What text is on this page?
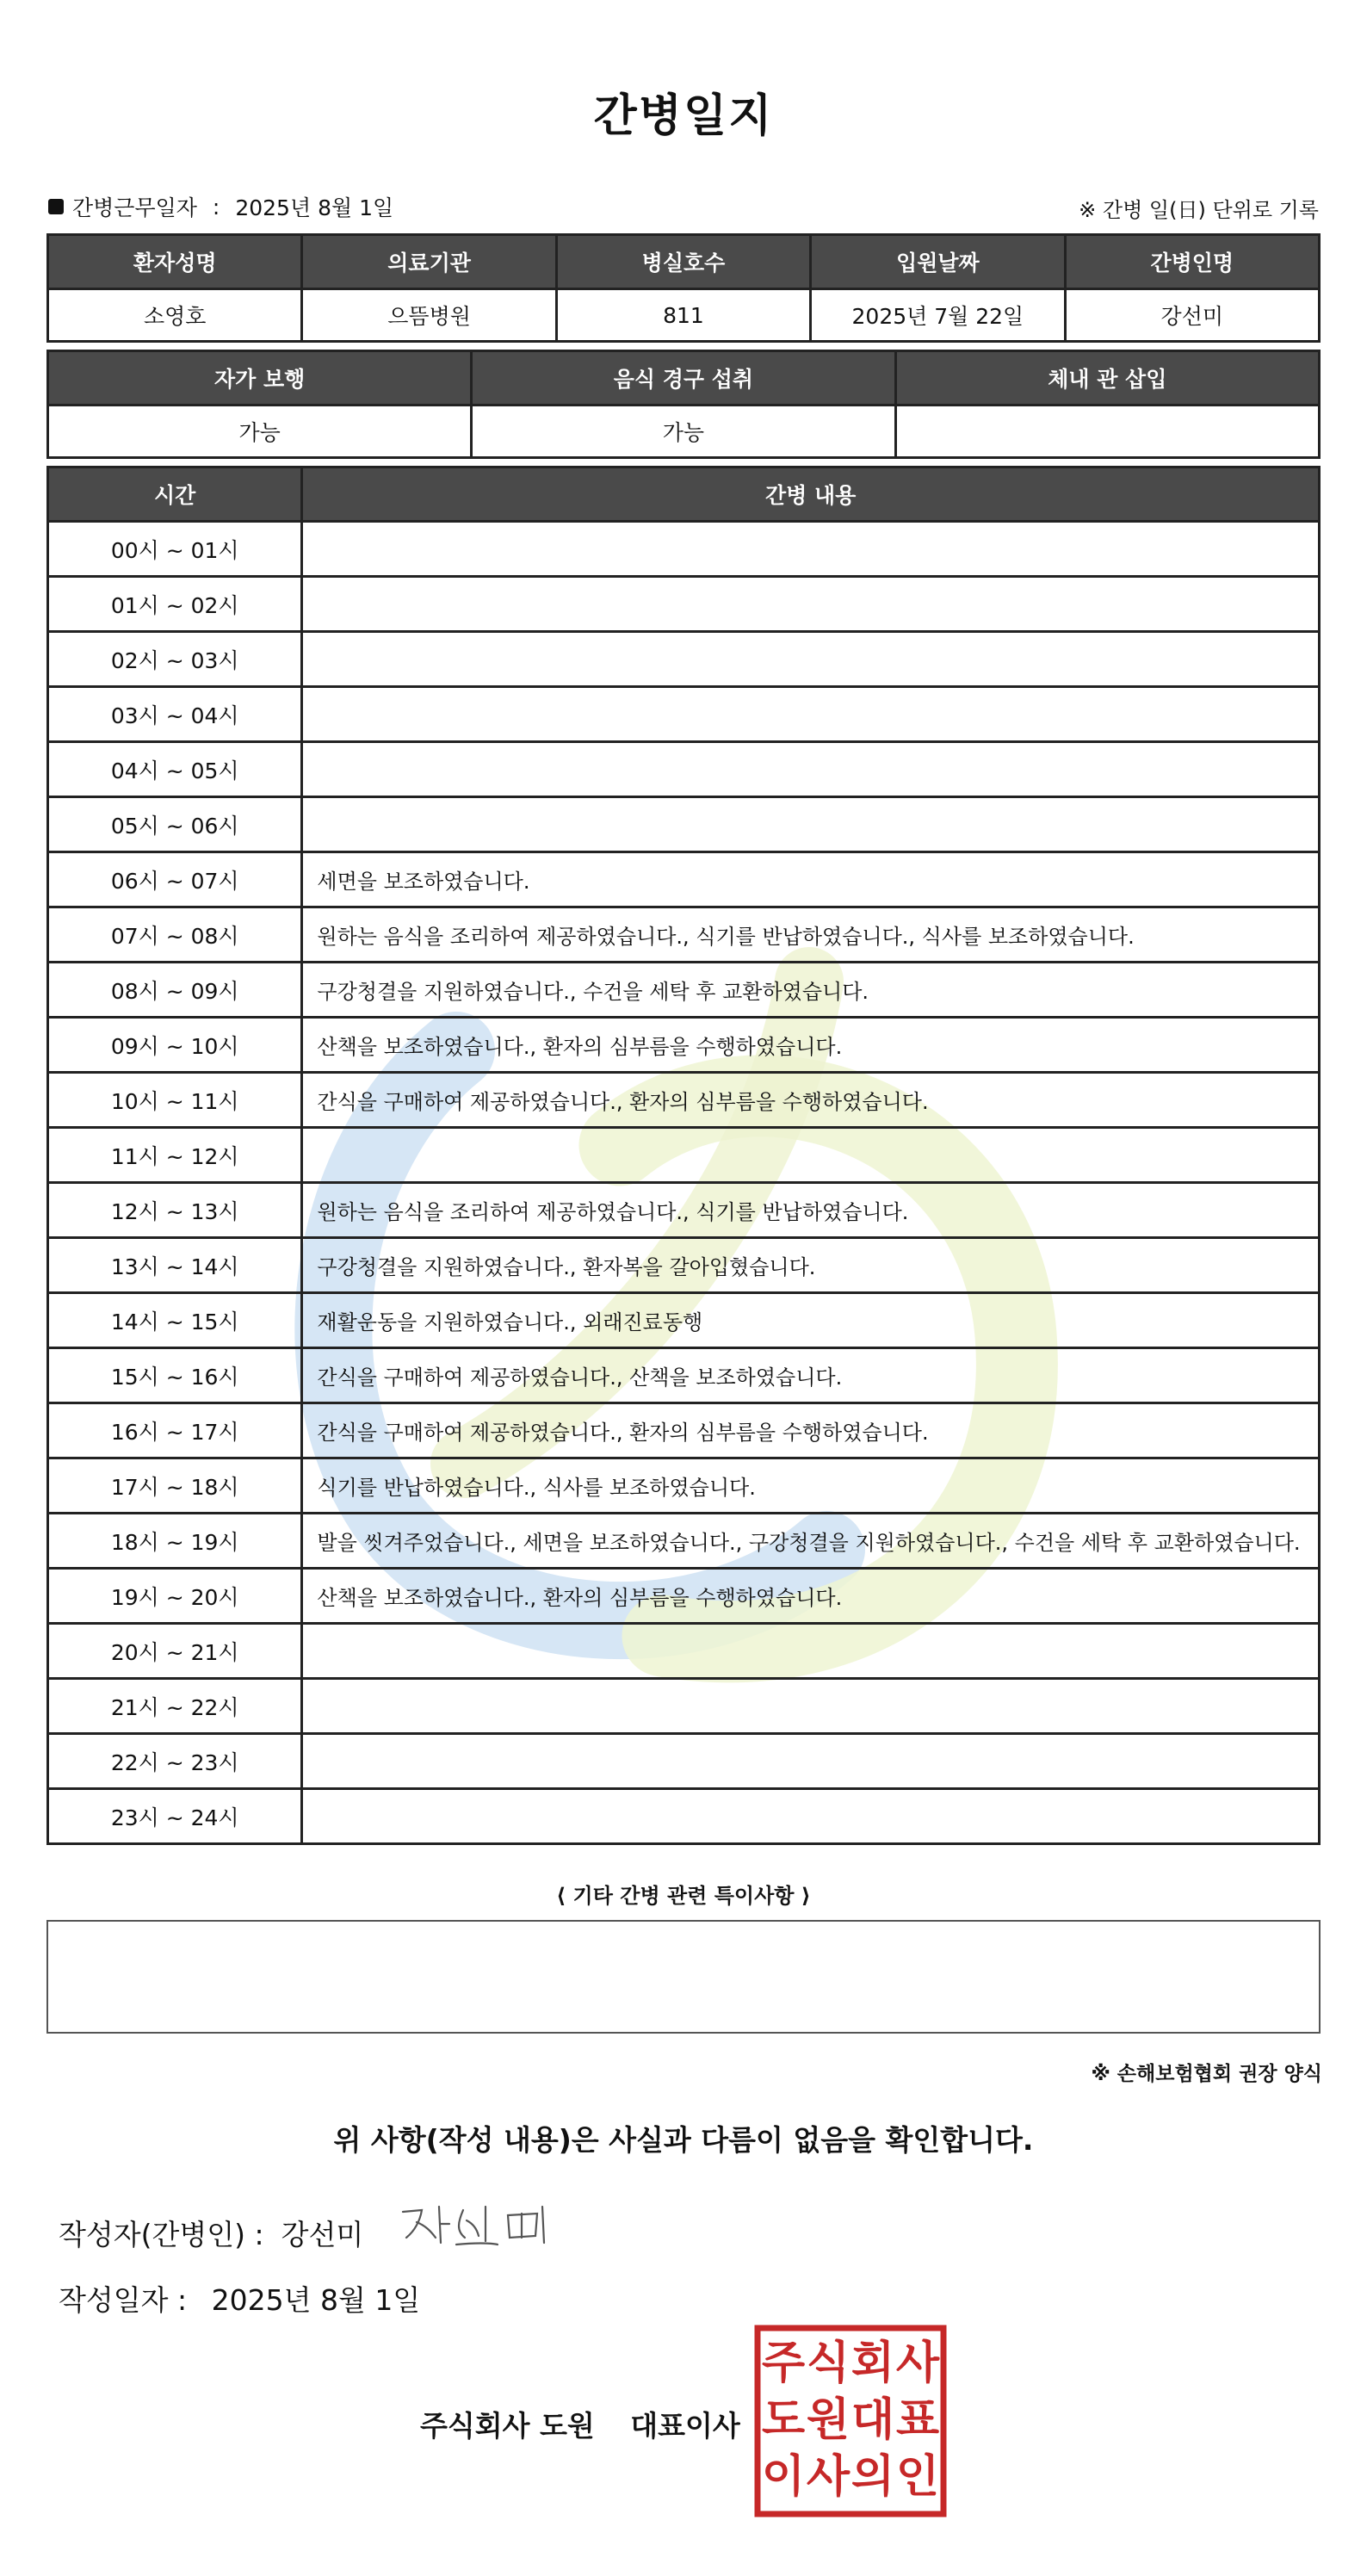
간병일지
간병근무일자 : 2025년 8월 1일	※ 간병 일(日) 단위로 기록
환자성명	의료기관	병실호수	입원날짜	간병인명
소영호	으뜸병원	811	2025년 7월 22일	강선미
자가 보행	음식 경구 섭취	체내 관 삽입
가능	가능	
시간	간병 내용
00시 ~ 01시	
01시 ~ 02시	
02시 ~ 03시	
03시 ~ 04시	
04시 ~ 05시	
05시 ~ 06시	
06시 ~ 07시	세면을 보조하였습니다.
07시 ~ 08시	원하는 음식을 조리하여 제공하였습니다., 식기를 반납하였습니다., 식사를 보조하였습니다.
08시 ~ 09시	구강청결을 지원하였습니다., 수건을 세탁 후 교환하였습니다.
09시 ~ 10시	산책을 보조하였습니다., 환자의 심부름을 수행하였습니다.
10시 ~ 11시	간식을 구매하여 제공하였습니다., 환자의 심부름을 수행하였습니다.
11시 ~ 12시	
12시 ~ 13시	원하는 음식을 조리하여 제공하였습니다., 식기를 반납하였습니다.
13시 ~ 14시	구강청결을 지원하였습니다., 환자복을 갈아입혔습니다.
14시 ~ 15시	재활운동을 지원하였습니다., 외래진료동행
15시 ~ 16시	간식을 구매하여 제공하였습니다., 산책을 보조하였습니다.
16시 ~ 17시	간식을 구매하여 제공하였습니다., 환자의 심부름을 수행하였습니다.
17시 ~ 18시	식기를 반납하였습니다., 식사를 보조하였습니다.
18시 ~ 19시	발을 씻겨주었습니다., 세면을 보조하였습니다., 구강청결을 지원하였습니다., 수건을 세탁 후 교환하였습니다.
19시 ~ 20시	산책을 보조하였습니다., 환자의 심부름을 수행하였습니다.
20시 ~ 21시	
21시 ~ 22시	
22시 ~ 23시	
23시 ~ 24시	
⟨ 기타 간병 관련 특이사항 ⟩
※ 손해보험협회 권장 양식
위 사항(작성 내용)은 사실과 다름이 없음을 확인합니다.
작성자(간병인) : 강선미
작성일자 : 2025년 8월 1일
주식회사 도원 대표이사
주 식 회 사
도 원 대 표
이 사 의 인
